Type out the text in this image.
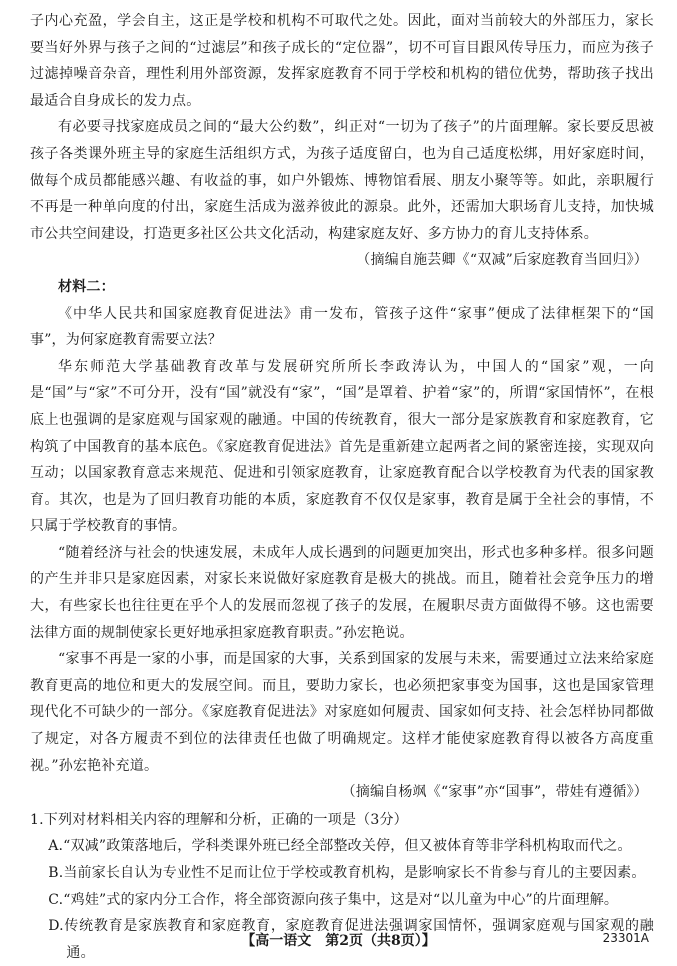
子内心充盈，学会自主，这正是学校和机构不可取代之处。因此，面对当前较大的外部压力，家长要当好外界与孩子之间的“过滤层”和孩子成长的“定位器”，切不可盲目跟风传导压力，而应为孩子过滤掉噪音杂音，理性利用外部资源，发挥家庭教育不同于学校和机构的错位优势，帮助孩子找出最适合自身成长的发力点。

有必要寻找家庭成员之间的“最大公约数”，纠正对“一切为了孩子”的片面理解。家长要反思被孩子各类课外班主导的家庭生活组织方式，为孩子适度留白，也为自己适度松绑，用好家庭时间，做每个成员都能感兴趣、有收益的事，如户外锻炼、博物馆看展、朋友小聚等等。如此，亲职履行不再是一种单向度的付出，家庭生活成为滋养彼此的源泉。此外，还需加大职场育儿支持，加快城市公共空间建设，打造更多社区公共文化活动，构建家庭友好、多方协力的育儿支持体系。

（摘编自施芸卿《“双减”后家庭教育当回归》）

材料二：

《中华人民共和国家庭教育促进法》甫一发布，管孩子这件“家事”便成了法律框架下的“国事”，为何家庭教育需要立法？

华东师范大学基础教育改革与发展研究所所长李政涛认为，中国人的“国家”观，一向是“国”与“家”不可分开，没有“国”就没有“家”，“国”是罩着、护着“家”的，所谓“家国情怀”，在根底上也强调的是家庭观与国家观的融通。中国的传统教育，很大一部分是家族教育和家庭教育，它构筑了中国教育的基本底色。《家庭教育促进法》首先是重新建立起两者之间的紧密连接，实现双向互动；以国家教育意志来规范、促进和引领家庭教育，让家庭教育配合以学校教育为代表的国家教育。其次，也是为了回归教育功能的本质，家庭教育不仅仅是家事，教育是属于全社会的事情，不只属于学校教育的事情。

“随着经济与社会的快速发展，未成年人成长遇到的问题更加突出，形式也多种多样。很多问题的产生并非只是家庭因素，对家长来说做好家庭教育是极大的挑战。而且，随着社会竞争压力的增大，有些家长也往往更在乎个人的发展而忽视了孩子的发展，在履职尽责方面做得不够。这也需要法律方面的规制使家长更好地承担家庭教育职责。”孙宏艳说。

“家事不再是一家的小事，而是国家的大事，关系到国家的发展与未来，需要通过立法来给家庭教育更高的地位和更大的发展空间。而且，要助力家长，也必须把家事变为国事，这也是国家管理现代化不可缺少的一部分。《家庭教育促进法》对家庭如何履责、国家如何支持、社会怎样协同都做了规定，对各方履责不到位的法律责任也做了明确规定。这样才能使家庭教育得以被各方高度重视。”孙宏艳补充道。

（摘编自杨飒《“家事”亦“国事”，带娃有遵循》）

1.下列对材料相关内容的理解和分析，正确的一项是（3分）

A.“双减”政策落地后，学科类课外班已经全部整改关停，但又被体育等非学科机构取而代之。

B.当前家长自认为专业性不足而让位于学校或教育机构，是影响家长不肯参与育儿的主要因素。

C.“鸡娃”式的家内分工合作，将全部资源向孩子集中，这是对“以儿童为中心”的片面理解。

D.传统教育是家族教育和家庭教育，家庭教育促进法强调家国情怀，强调家庭观与国家观的融通。

【高一语文　第2页（共8页）】	23301A
